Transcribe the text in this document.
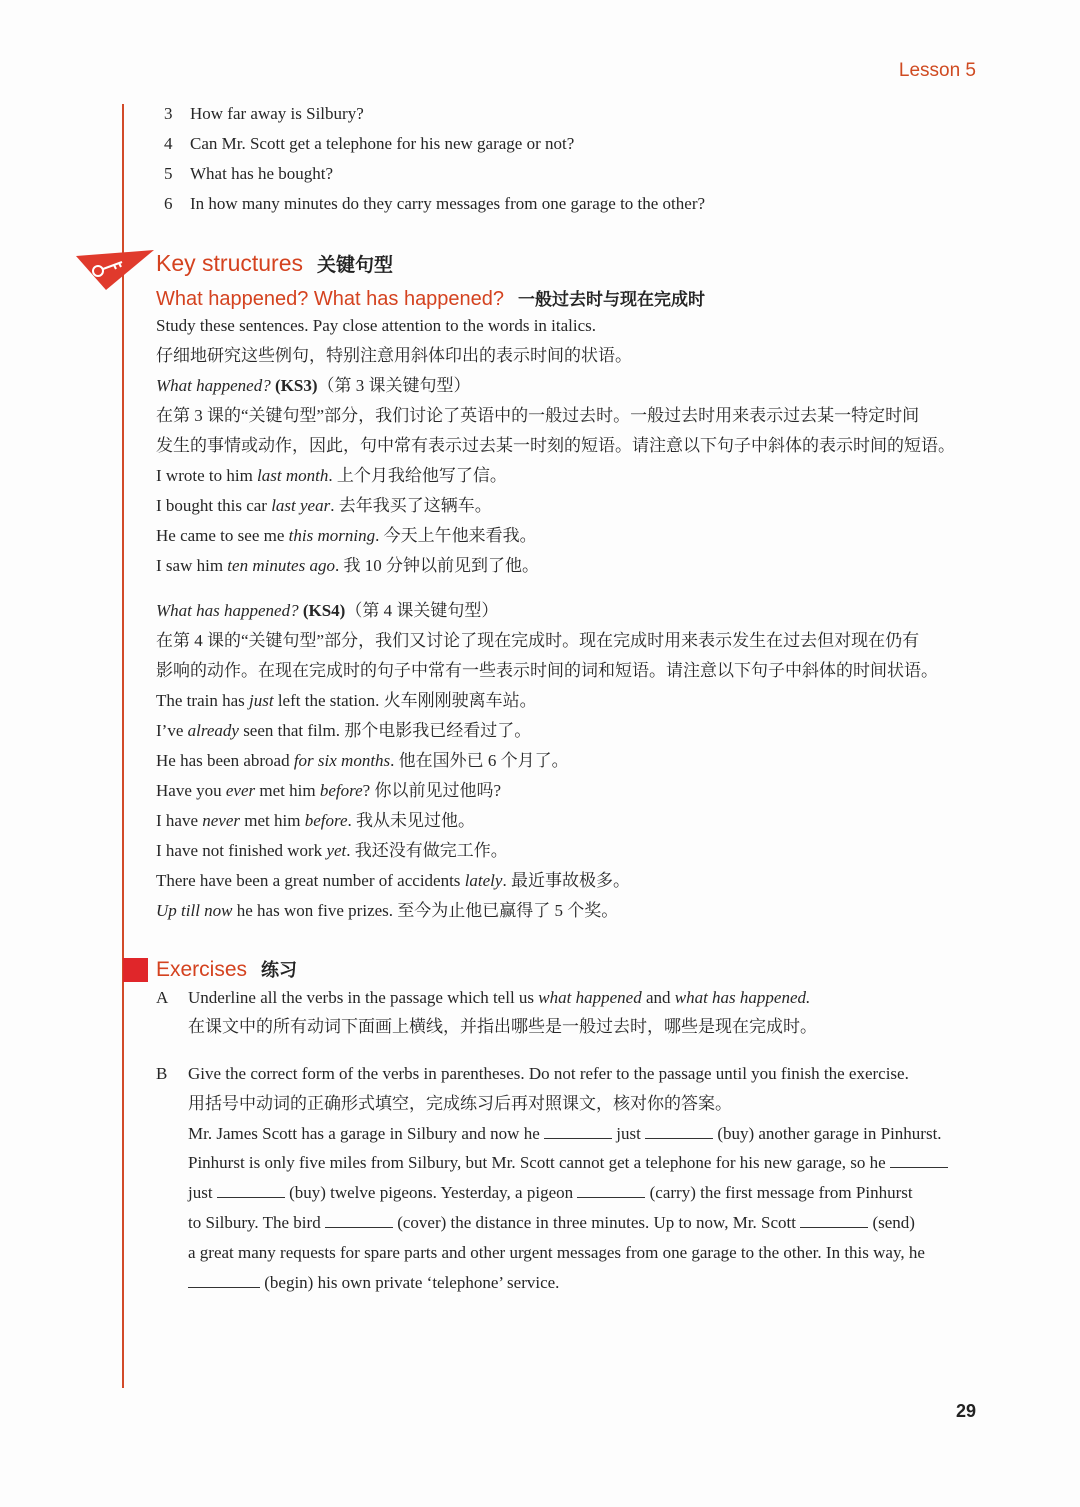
Lesson 5
3 How far away is Silbury?
4 Can Mr. Scott get a telephone for his new garage or not?
5 What has he bought?
6 In how many minutes do they carry messages from one garage to the other?
Key structures 关键句型
What happened? What has happened? 一般过去时与现在完成时
Study these sentences. Pay close attention to the words in italics.
仔细地研究这些例句，特别注意用斜体印出的表示时间的状语。
What happened? (KS3)（第 3 课关键句型）
在第 3 课的“关键句型”部分，我们讨论了英语中的一般过去时。一般过去时用来表示过去某一特定时间
发生的事情或动作，因此，句中常有表示过去某一时刻的短语。请注意以下句子中斜体的表示时间的短语。
I wrote to him last month. 上个月我给他写了信。
I bought this car last year. 去年我买了这辆车。
He came to see me this morning. 今天上午他来看我。
I saw him ten minutes ago. 我 10 分钟以前见到了他。
What has happened? (KS4)（第 4 课关键句型）
在第 4 课的“关键句型”部分，我们又讨论了现在完成时。现在完成时用来表示发生在过去但对现在仍有
影响的动作。在现在完成时的句子中常有一些表示时间的词和短语。请注意以下句子中斜体的时间状语。
The train has just left the station. 火车刚刚驶离车站。
I’ve already seen that film. 那个电影我已经看过了。
He has been abroad for six months. 他在国外已 6 个月了。
Have you ever met him before? 你以前见过他吗?
I have never met him before. 我从未见过他。
I have not finished work yet. 我还没有做完工作。
There have been a great number of accidents lately. 最近事故极多。
Up till now he has won five prizes. 至今为止他已赢得了 5 个奖。
Exercises 练习
A Underline all the verbs in the passage which tell us what happened and what has happened.
在课文中的所有动词下面画上横线，并指出哪些是一般过去时，哪些是现在完成时。
B Give the correct form of the verbs in parentheses. Do not refer to the passage until you finish the exercise.
用括号中动词的正确形式填空，完成练习后再对照课文，核对你的答案。
Mr. James Scott has a garage in Silbury and now he	just	(buy) another garage in Pinhurst.
Pinhurst is only five miles from Silbury, but Mr. Scott cannot get a telephone for his new garage, so he
just	(buy) twelve pigeons. Yesterday, a pigeon	(carry) the first message from Pinhurst
to Silbury. The bird	(cover) the distance in three minutes. Up to now, Mr. Scott	(send)
a great many requests for spare parts and other urgent messages from one garage to the other. In this way, he
(begin) his own private ‘telephone’ service.
29
